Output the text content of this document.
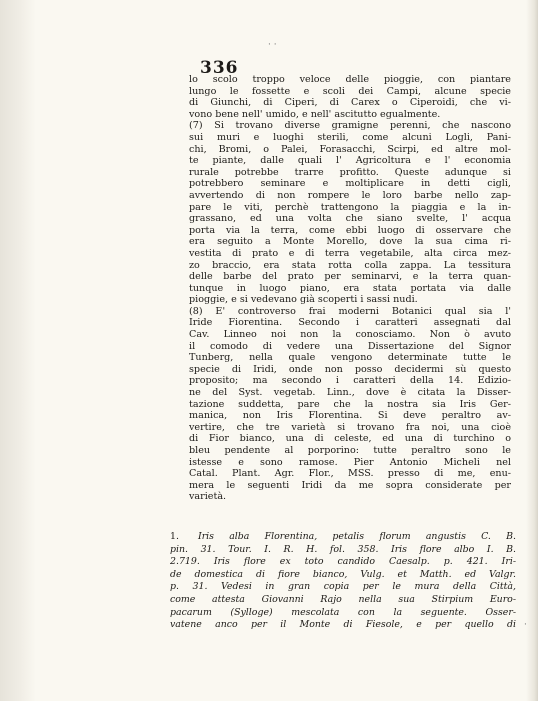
· ·
·
336
lo scolo troppo veloce delle pioggie, con piantare
lungo le fossette e scoli dei Campi, alcune specie
di Giunchi, di Ciperi, di Carex o Ciperoidi, che vi-
vono bene nell' umido, e nell' ascitutto egualmente.
(7) Si trovano diverse gramigne perenni, che nascono
sui muri e luoghi sterili, come alcuni Logli, Pani-
chi, Bromi, o Palei, Forasacchi, Scirpi, ed altre mol-
te piante, dalle quali l' Agricoltura e l' economia
rurale potrebbe trarre profitto. Queste adunque si
potrebbero seminare e moltiplicare in detti cigli,
avvertendo di non rompere le loro barbe nello zap-
pare le viti, perchè trattengono la piaggia e la in-
grassano, ed una volta che siano svelte, l' acqua
porta via la terra, come ebbi luogo di osservare che
era seguito a Monte Morello, dove la sua cima ri-
vestita di prato e di terra vegetabile, alta circa mez-
zo braccio, era stata rotta colla zappa. La tessitura
delle barbe del prato per seminarvi, e la terra quan-
tunque in luogo piano, era stata portata via dalle
pioggie, e si vedevano già scoperti i sassi nudi.
(8) E' controverso frai moderni Botanici qual sia l'
Iride Fiorentina. Secondo i caratteri assegnati dal
Cav. Linneo noi non la conosciamo. Non ò avuto
il comodo di vedere una Dissertazione del Signor
Tunberg, nella quale vengono determinate tutte le
specie di Iridi, onde non posso decidermi sù questo
proposito; ma secondo i caratteri della 14. Edizio-
ne del Syst. vegetab. Linn., dove è citata la Disser-
tazione suddetta, pare che la nostra sia Iris Ger-
manica, non Iris Florentina. Si deve peraltro av-
vertire, che tre varietà si trovano fra noi, una cioè
di Fior bianco, una di celeste, ed una di turchino o
bleu pendente al porporino: tutte peraltro sono le
istesse e sono ramose. Pier Antonio Micheli nel
Catal. Plant. Agr. Flor., MSS. presso di me, enu-
mera le seguenti Iridi da me sopra considerate per
varietà.
1.	Iris alba Florentina, petalis florum angustis C. B.
pin. 31. Tour. I. R. H. fol. 358. Iris flore albo I. B.
2.719. Iris flore ex toto candido Caesalp. p. 421. Iri-
de domestica di fiore bianco, Vulg. et Matth. ed Valgr.
p. 31. Vedesi in gran copia per le mura della Città,
come attesta Giovanni Rajo nella sua Stirpium Euro-
pacarum (Sylloge) mescolata con la seguente. Osser-
vatene anco per il Monte di Fiesole, e per quello di
